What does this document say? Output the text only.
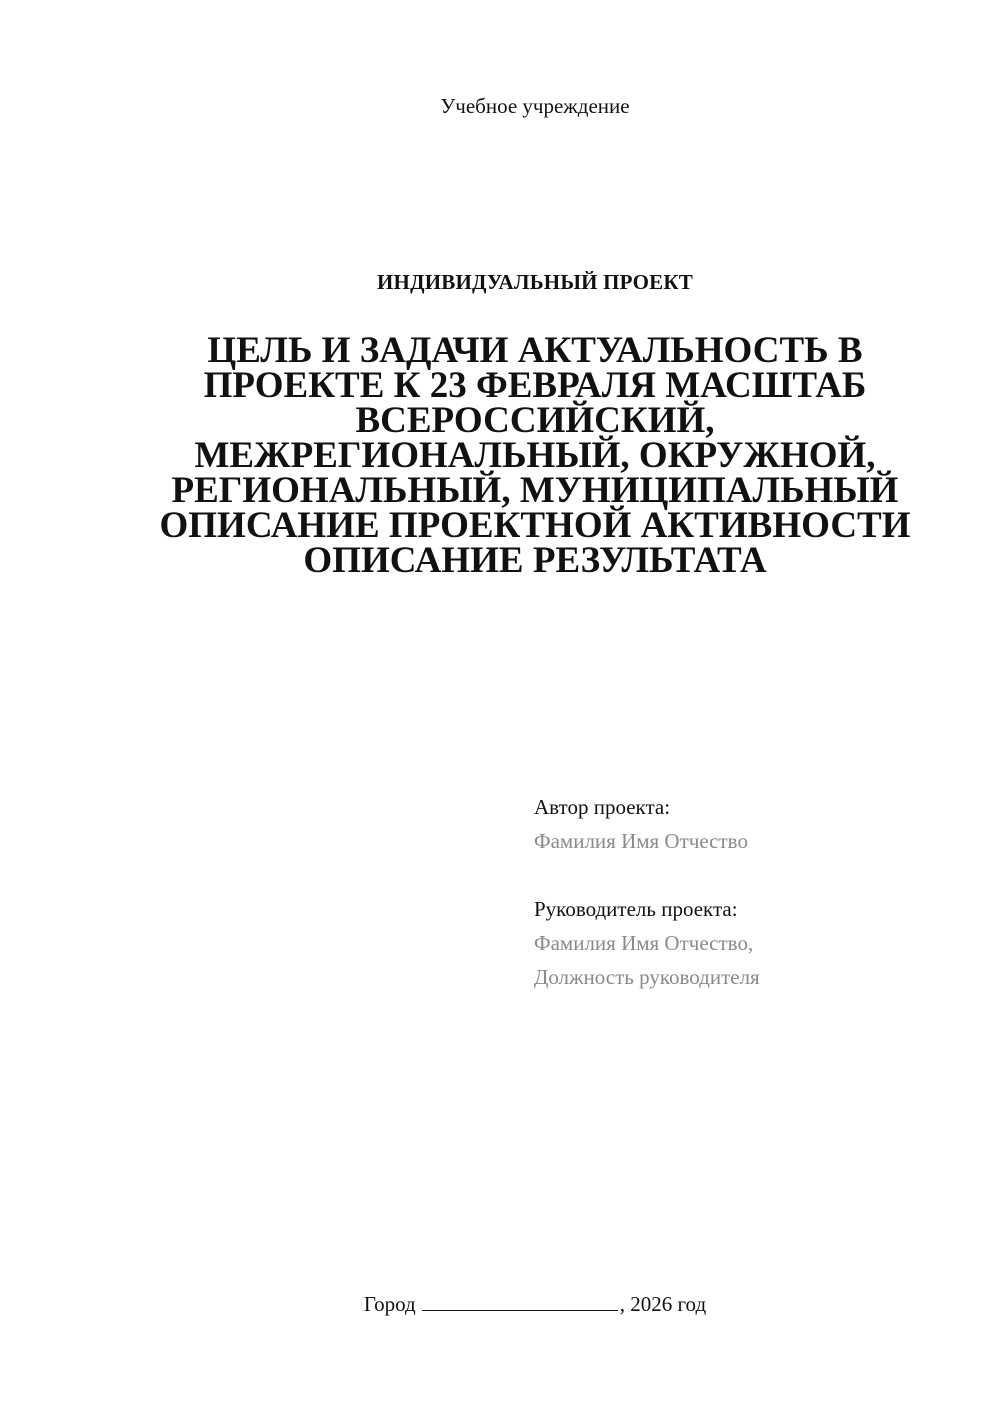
Учебное учреждение
ИНДИВИДУАЛЬНЫЙ ПРОЕКТ
ЦЕЛЬ И ЗАДАЧИ АКТУАЛЬНОСТЬ В ПРОЕКТЕ К 23 ФЕВРАЛЯ МАСШТАБ ВСЕРОССИЙСКИЙ, МЕЖРЕГИОНАЛЬНЫЙ, ОКРУЖНОЙ, РЕГИОНАЛЬНЫЙ, МУНИЦИПАЛЬНЫЙ ОПИСАНИЕ ПРОЕКТНОЙ АКТИВНОСТИ ОПИСАНИЕ РЕЗУЛЬТАТА
Автор проекта:
Фамилия Имя Отчество
Руководитель проекта:
Фамилия Имя Отчество,
Должность руководителя
Город	, 2026 год
